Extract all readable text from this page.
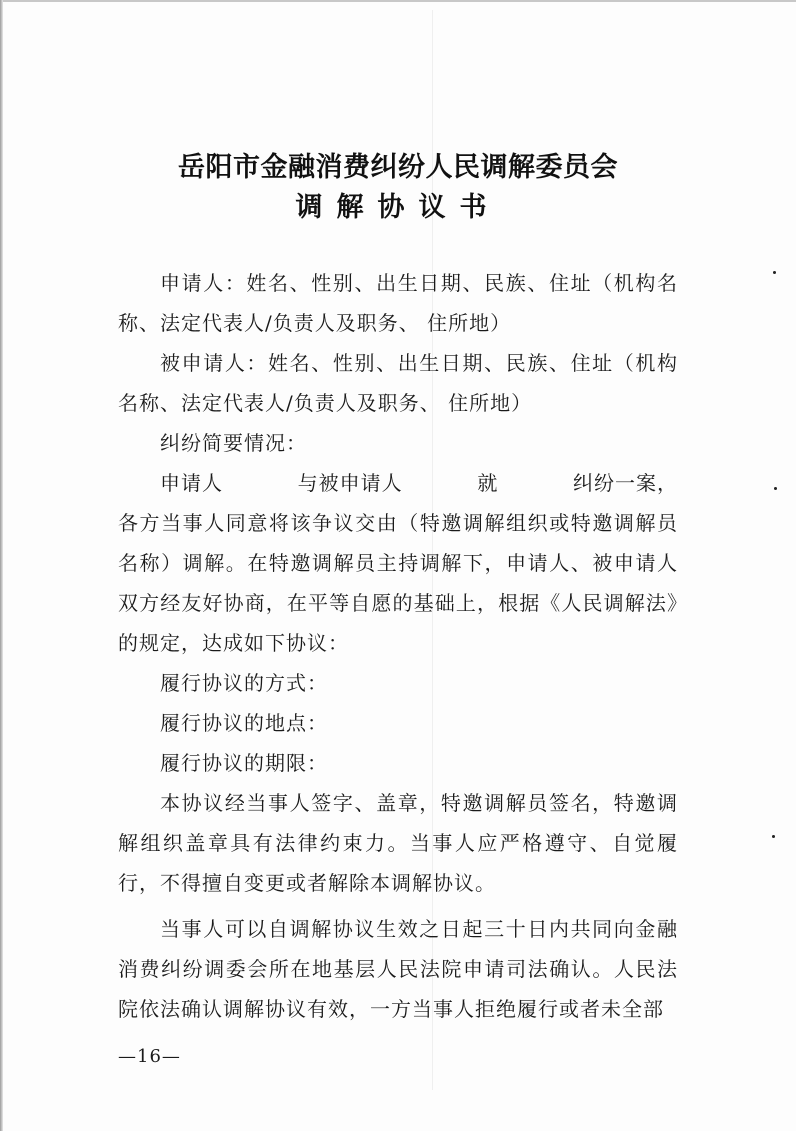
岳阳市金融消费纠纷人民调解委员会
调解协议书

申请人：姓名、性别、出生日期、民族、住址（机构名称、法定代表人/负责人及职务、 住所地）

被申请人：姓名、性别、出生日期、民族、住址（机构名称、法定代表人/负责人及职务、 住所地）

纠纷简要情况：

申请人	与被申请人	就	纠纷一案，

各方当事人同意将该争议交由（特邀调解组织或特邀调解员名称）调解。在特邀调解员主持调解下，申请人、被申请人双方经友好协商，在平等自愿的基础上，根据《人民调解法》的规定，达成如下协议：

履行协议的方式：

履行协议的地点：

履行协议的期限：

本协议经当事人签字、盖章，特邀调解员签名，特邀调解组织盖章具有法律约束力。当事人应严格遵守、自觉履行，不得擅自变更或者解除本调解协议。

当事人可以自调解协议生效之日起三十日内共同向金融消费纠纷调委会所在地基层人民法院申请司法确认。人民法院依法确认调解协议有效，一方当事人拒绝履行或者未全部

—16—
